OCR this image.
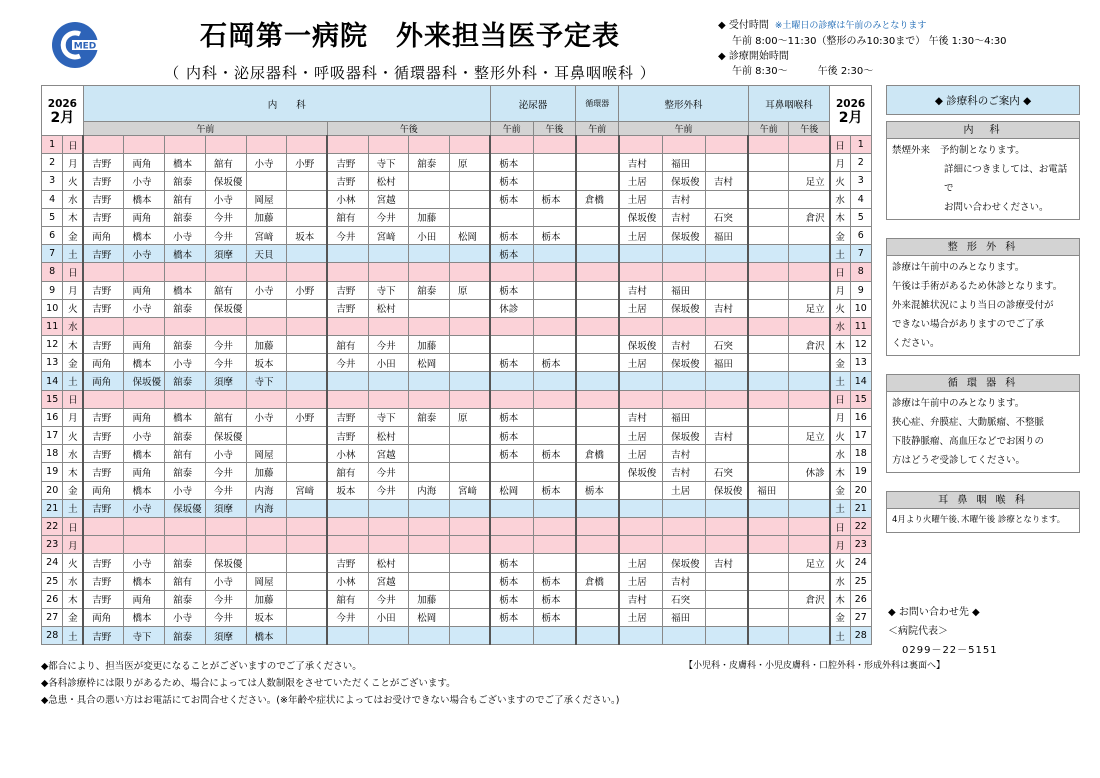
MED	石岡第一病院　外来担当医予定表
（ 内科・泌尿器科・呼吸器科・循環器科・整形外科・耳鼻咽喉科 ）
◆ 受付時間 ※土曜日の診療は午前のみとなります
午前 8:00～11:30（整形のみ10:30まで） 午後 1:30～4:30
◆ 診療開始時間
午前 8:30～　　　午後 2:30～
2026
2月		内　　科										泌尿器		循環器	整形外科			耳鼻咽喉科		2026
2月	

		午前						午後				午前	午後	午前	午前			午前	午後		
1	日																			日	1
2	月	吉野	両角	橋本	舘有	小寺	小野	吉野	寺下	舘泰	原	栃本			吉村	福田				月	2
3	火	吉野	小寺	舘泰	保坂優			吉野	松村			栃本			土居	保坂俊	吉村		足立	火	3
4	水	吉野	橋本	舘有	小寺	岡屋		小林	宮越			栃本	栃本	倉橋	土居	吉村				水	4
5	木	吉野	両角	舘泰	今井	加藤		舘有	今井	加藤					保坂俊	吉村	石突		倉沢	木	5
6	金	両角	橋本	小寺	今井	宮﨑	坂本	今井	宮﨑	小田	松岡	栃本	栃本		土居	保坂俊	福田			金	6
7	土	吉野	小寺	橋本	須摩	天貝						栃本								土	7
8	日																			日	8
9	月	吉野	両角	橋本	舘有	小寺	小野	吉野	寺下	舘泰	原	栃本			吉村	福田				月	9
10	火	吉野	小寺	舘泰	保坂優			吉野	松村			休診			土居	保坂俊	吉村		足立	火	10
11	水																			水	11
12	木	吉野	両角	舘泰	今井	加藤		舘有	今井	加藤					保坂俊	吉村	石突		倉沢	木	12
13	金	両角	橋本	小寺	今井	坂本		今井	小田	松岡		栃本	栃本		土居	保坂俊	福田			金	13
14	土	両角	保坂優	舘泰	須摩	寺下														土	14
15	日																			日	15
16	月	吉野	両角	橋本	舘有	小寺	小野	吉野	寺下	舘泰	原	栃本			吉村	福田				月	16
17	火	吉野	小寺	舘泰	保坂優			吉野	松村			栃本			土居	保坂俊	吉村		足立	火	17
18	水	吉野	橋本	舘有	小寺	岡屋		小林	宮越			栃本	栃本	倉橋	土居	吉村				水	18
19	木	吉野	両角	舘泰	今井	加藤		舘有	今井						保坂俊	吉村	石突		休診	木	19
20	金	両角	橋本	小寺	今井	内海	宮﨑	坂本	今井	内海	宮﨑	松岡	栃本	栃本		土居	保坂俊	福田		金	20
21	土	吉野	小寺	保坂優	須摩	内海														土	21
22	日																			日	22
23	月																			月	23
24	火	吉野	小寺	舘泰	保坂優			吉野	松村			栃本			土居	保坂俊	吉村		足立	火	24
25	水	吉野	橋本	舘有	小寺	岡屋		小林	宮越			栃本	栃本	倉橋	土居	吉村				水	25
26	木	吉野	両角	舘泰	今井	加藤		舘有	今井	加藤		栃本	栃本		吉村	石突			倉沢	木	26
27	金	両角	橋本	小寺	今井	坂本		今井	小田	松岡		栃本	栃本		土居	福田				金	27
28	土	吉野	寺下	舘泰	須摩	橋本														土	28
◆ 診療科のご案内 ◆
内　科
禁煙外来 予約制となります。
詳細につきましては、お電話で
お問い合わせください。
整 形 外 科
診療は午前中のみとなります。
午後は手術があるため休診となります。
外来混雑状況により当日の診療受付が
できない場合がありますのでご了承
ください。
循 環 器 科
診療は午前中のみとなります。
狭心症、弁膜症、大動脈瘤、不整脈
下肢静脈瘤、高血圧などでお困りの
方はどうぞ受診してください。
耳 鼻 咽 喉 科
4月より火曜午後､木曜午後 診療となります。
◆ お問い合わせ先 ◆
＜病院代表＞
0299－22－5151
◆都合により、担当医が変更になることがございますのでご了承ください。
◆各科診療枠には限りがあるため、場合によっては人数制限をさせていただくことがございます。
◆急患・具合の悪い方はお電話にてお問合せください。(※年齢や症状によってはお受けできない場合もございますのでご了承ください。)
【小児科・皮膚科・小児皮膚科・口腔外科・形成外科は裏面へ】
